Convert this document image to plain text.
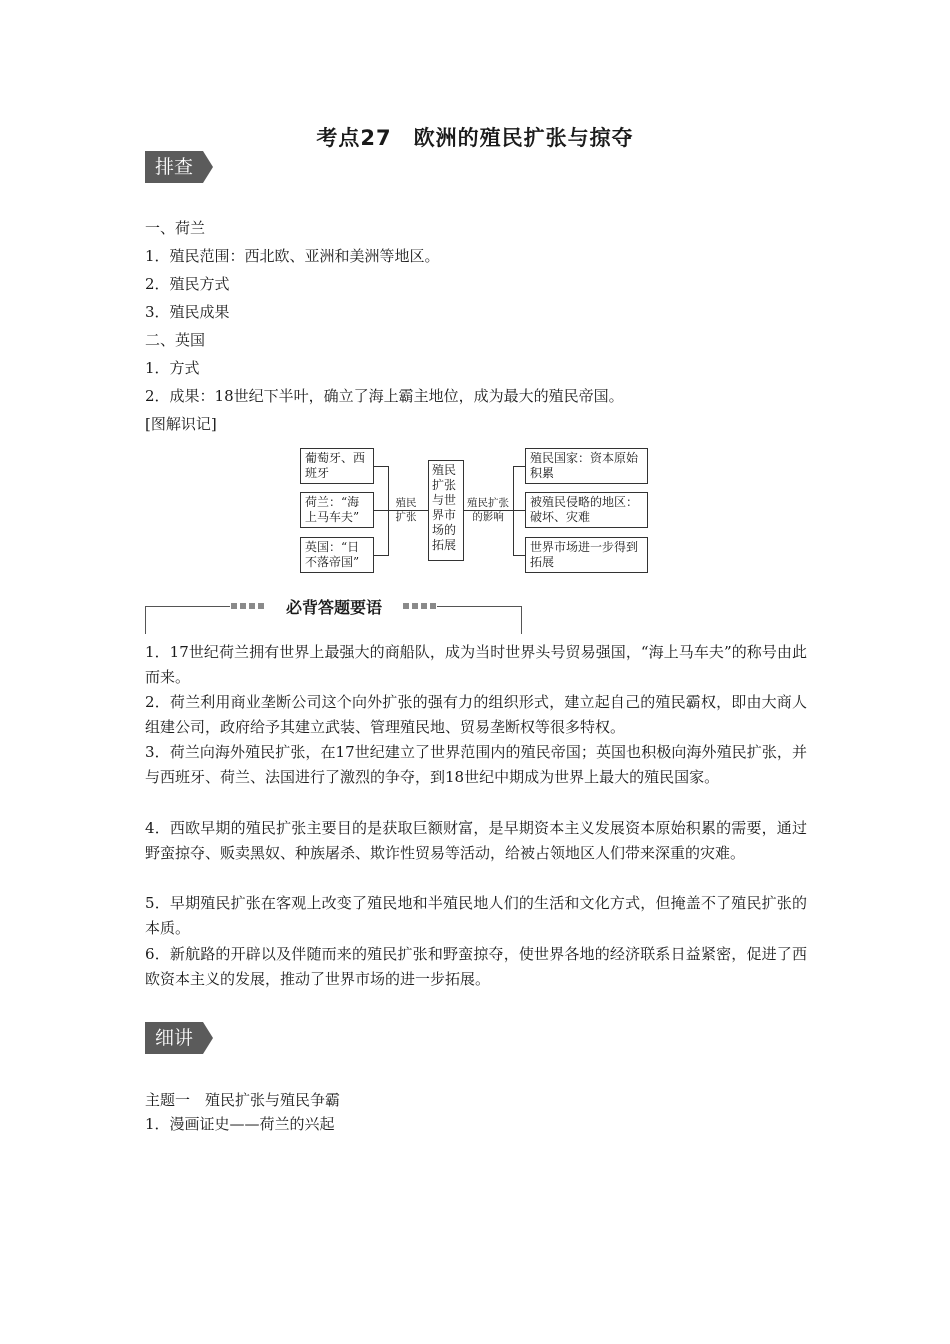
考点27　欧洲的殖民扩张与掠夺
排查	基础知识
一、荷兰
1．殖民范围：西北欧、亚洲和美洲等地区。
2．殖民方式
3．殖民成果
二、英国
1．方式
2．成果：18世纪下半叶，确立了海上霸主地位，成为最大的殖民帝国。
[图解识记]
葡萄牙、西班牙
荷兰：“海上马车夫”
英国：“日不落帝国”
殖民扩张
殖民扩张与世界市场的拓展
殖民扩张的影响
殖民国家：资本原始积累
被殖民侵略的地区：破坏、灾难
世界市场进一步得到拓展
必背答题要语
1．17世纪荷兰拥有世界上最强大的商船队，成为当时世界头号贸易强国，“海上马车夫”的称号由此而来。
2．荷兰利用商业垄断公司这个向外扩张的强有力的组织形式，建立起自己的殖民霸权，即由大商人组建公司，政府给予其建立武装、管理殖民地、贸易垄断权等很多特权。
3．荷兰向海外殖民扩张，在17世纪建立了世界范围内的殖民帝国；英国也积极向海外殖民扩张，并与西班牙、荷兰、法国进行了激烈的争夺，到18世纪中期成为世界上最大的殖民国家。
4．西欧早期的殖民扩张主要目的是获取巨额财富，是早期资本主义发展资本原始积累的需要，通过野蛮掠夺、贩卖黑奴、种族屠杀、欺诈性贸易等活动，给被占领地区人们带来深重的灾难。
5．早期殖民扩张在客观上改变了殖民地和半殖民地人们的生活和文化方式，但掩盖不了殖民扩张的本质。
6．新航路的开辟以及伴随而来的殖民扩张和野蛮掠夺，使世界各地的经济联系日益紧密，促进了西欧资本主义的发展，推动了世界市场的进一步拓展。
细讲	核心考点
主题一　殖民扩张与殖民争霸
1．漫画证史——荷兰的兴起
